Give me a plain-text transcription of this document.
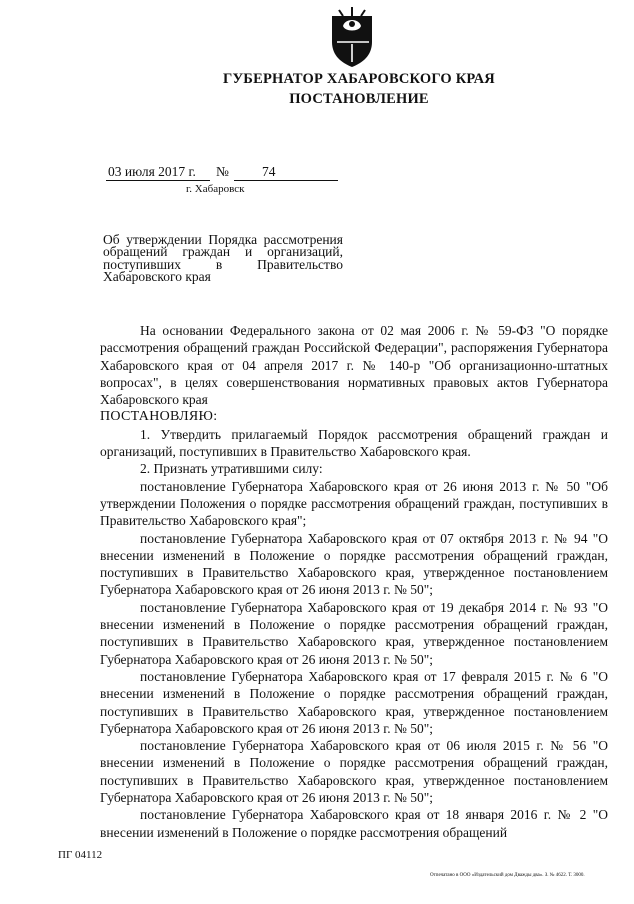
ГУБЕРНАТОР ХАБАРОВСКОГО КРАЯ
ПОСТАНОВЛЕНИЕ
03 июля 2017 г. № 74
г. Хабаровск
Об утверждении Порядка рассмотрения обращений граждан и организаций, поступивших в Правительство Хабаровского края

На основании Федерального закона от 02 мая 2006 г. № 59-ФЗ "О порядке рассмотрения обращений граждан Российской Федерации", распоряжения Губернатора Хабаровского края от 04 апреля 2017 г. № 140-р "Об организационно-штатных вопросах", в целях совершенствования нормативных правовых актов Губернатора Хабаровского края

ПОСТАНОВЛЯЮ:

1. Утвердить прилагаемый Порядок рассмотрения обращений граждан и организаций, поступивших в Правительство Хабаровского края.

2. Признать утратившими силу:

постановление Губернатора Хабаровского края от 26 июня 2013 г. № 50 "Об утверждении Положения о порядке рассмотрения обращений граждан, поступивших в Правительство Хабаровского края";

постановление Губернатора Хабаровского края от 07 октября 2013 г. № 94 "О внесении изменений в Положение о порядке рассмотрения обращений граждан, поступивших в Правительство Хабаровского края, утвержденное постановлением Губернатора Хабаровского края от 26 июня 2013 г. № 50";

постановление Губернатора Хабаровского края от 19 декабря 2014 г. № 93 "О внесении изменений в Положение о порядке рассмотрения обращений граждан, поступивших в Правительство Хабаровского края, утвержденное постановлением Губернатора Хабаровского края от 26 июня 2013 г. № 50";

постановление Губернатора Хабаровского края от 17 февраля 2015 г. № 6 "О внесении изменений в Положение о порядке рассмотрения обращений граждан, поступивших в Правительство Хабаровского края, утвержденное постановлением Губернатора Хабаровского края от 26 июня 2013 г. № 50";

постановление Губернатора Хабаровского края от 06 июля 2015 г. № 56 "О внесении изменений в Положение о порядке рассмотрения обращений граждан, поступивших в Правительство Хабаровского края, утвержденное постановлением Губернатора Хабаровского края от 26 июня 2013 г. № 50";

постановление Губернатора Хабаровского края от 18 января 2016 г. № 2 "О внесении изменений в Положение о порядке рассмотрения обращений

ПГ 04112
Отпечатано в ООО «Издательский дом Дважды два». З. № 4622. Т. 3000.
